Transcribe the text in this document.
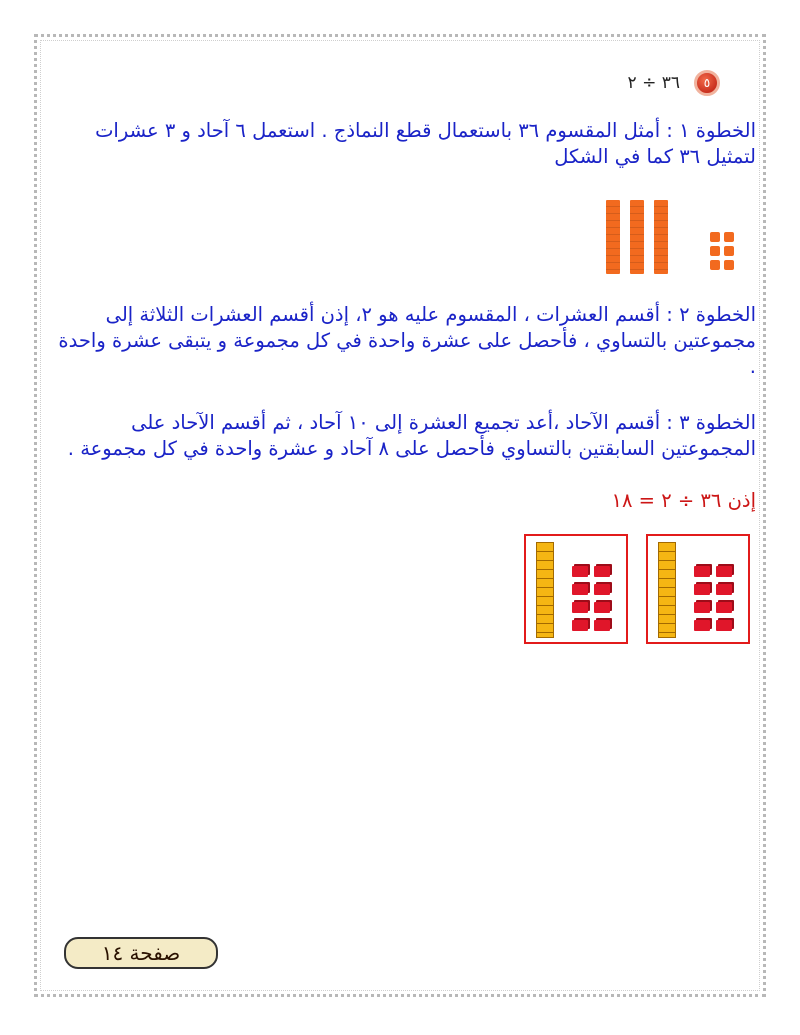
٥
٣٦ ÷ ٢

الخطوة ١ : أمثل المقسوم ٣٦ باستعمال قطع النماذج . استعمل ٦ آحاد و ٣ عشرات

لتمثيل ٣٦ كما في الشكل

الخطوة ٢ : أقسم العشرات ، المقسوم عليه هو ٢، إذن أقسم العشرات الثلاثة إلى

مجموعتين بالتساوي ، فأحصل على عشرة واحدة في كل مجموعة و يتبقى عشرة واحدة

.

الخطوة ٣ : أقسم الآحاد ،أعد تجميع العشرة إلى ١٠ آحاد ، ثم أقسم الآحاد على

المجموعتين السابقتين بالتساوي فأحصل على ٨ آحاد و عشرة واحدة في كل مجموعة .

إذن ٣٦ ÷ ٢ = ١٨
صفحة ١٤
